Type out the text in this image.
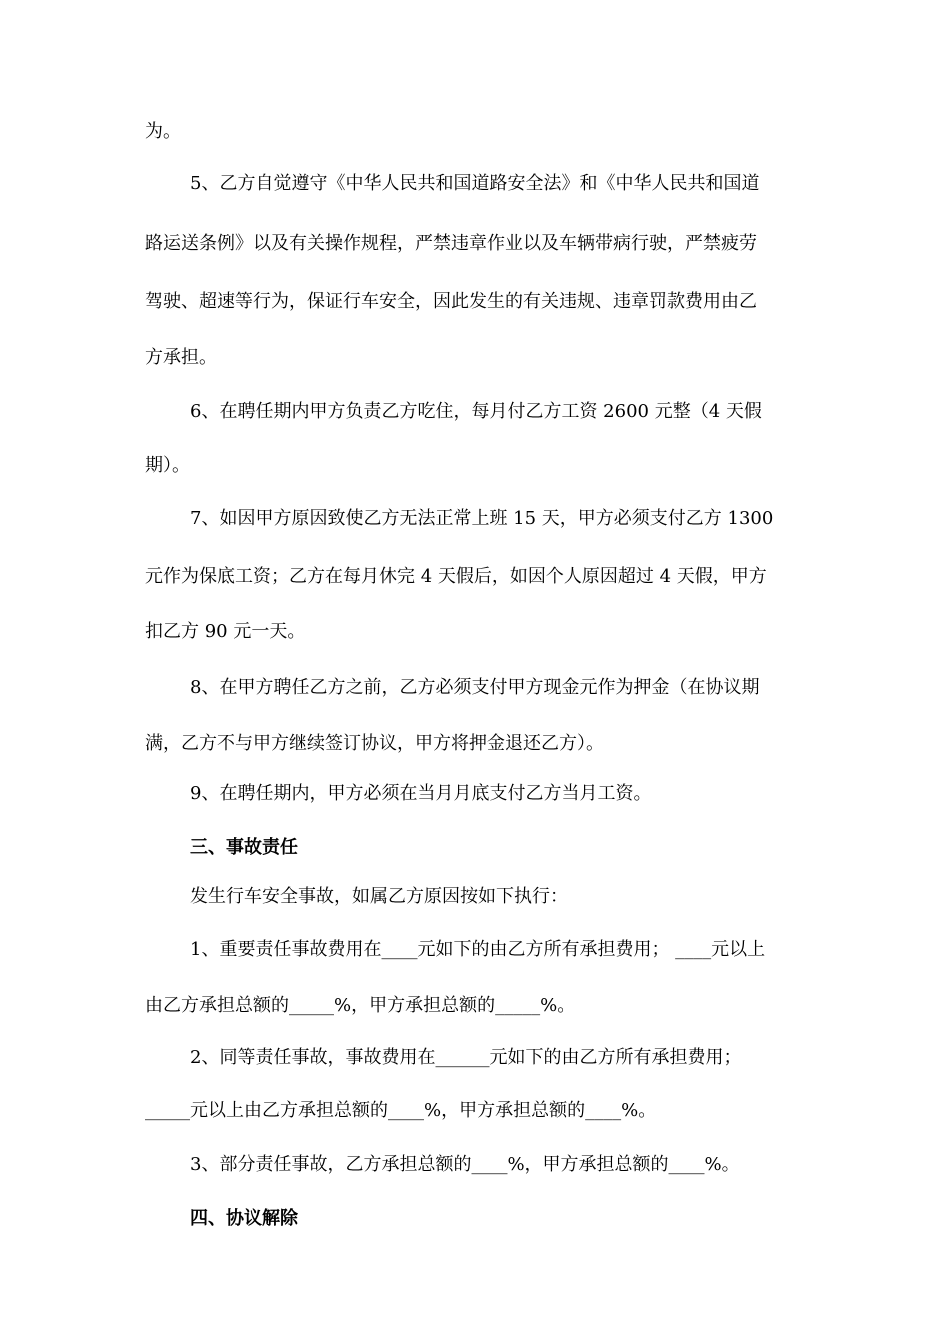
为。
5、乙方自觉遵守《中华人民共和国道路安全法》和《中华人民共和国道
路运送条例》以及有关操作规程，严禁违章作业以及车辆带病行驶，严禁疲劳
驾驶、超速等行为，保证行车安全，因此发生的有关违规、违章罚款费用由乙
方承担。
6、在聘任期内甲方负责乙方吃住，每月付乙方工资 2600 元整（4 天假
期）。
7、如因甲方原因致使乙方无法正常上班 15 天，甲方必须支付乙方 1300
元作为保底工资；乙方在每月休完 4 天假后，如因个人原因超过 4 天假，甲方
扣乙方 90 元一天。
8、在甲方聘任乙方之前，乙方必须支付甲方现金元作为押金（在协议期
满，乙方不与甲方继续签订协议，甲方将押金退还乙方）。
9、在聘任期内，甲方必须在当月月底支付乙方当月工资。
三、事故责任
发生行车安全事故，如属乙方原因按如下执行：
1、重要责任事故费用在____元如下的由乙方所有承担费用； ____元以上
由乙方承担总额的_____%，甲方承担总额的_____%。
2、同等责任事故，事故费用在______元如下的由乙方所有承担费用；
_____元以上由乙方承担总额的____%，甲方承担总额的____%。
3、部分责任事故，乙方承担总额的____%，甲方承担总额的____%。
四、协议解除
